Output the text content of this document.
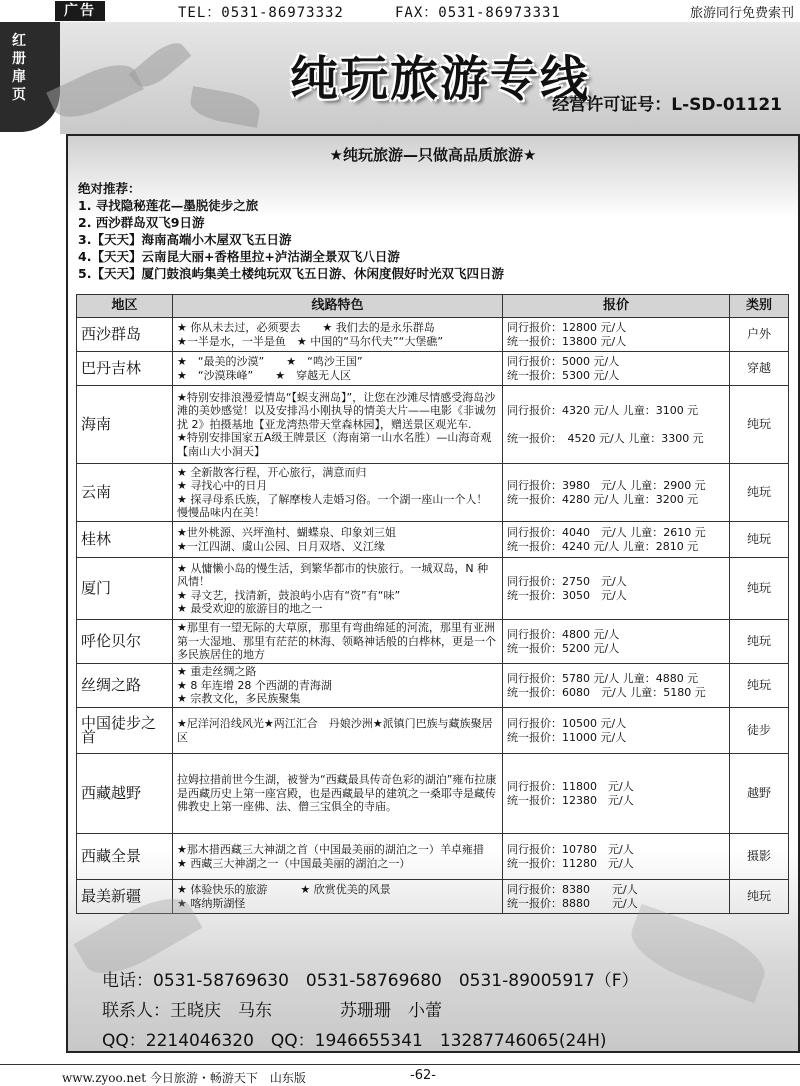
广告	TEL：0531-86973332	FAX：0531-86973331	旅游同行免费索刊
红册扉页	纯玩旅游专线
经营许可证号：L-SD-01121
★纯玩旅游—只做高品质旅游★
绝对推荐：
1. 寻找隐秘莲花—墨脱徒步之旅
2. 西沙群岛双飞9日游
3.【天天】海南高端小木屋双飞五日游
4.【天天】云南昆大丽+香格里拉+泸沽湖全景双飞八日游
5.【天天】厦门鼓浪屿集美土楼纯玩双飞五日游、休闲度假好时光双飞四日游
地区	线路特色	报价	类别
西沙群岛	★ 你从未去过，必须要去　　★ 我们去的是永乐群岛
★一半是水，一半是鱼　★ 中国的“马尔代夫”“大堡礁”	同行报价：12800 元/人
统一报价：13800 元/人	户外
巴丹吉林	★　“最美的沙漠”　　★　“鸣沙王国”
★　“沙漠珠峰”　　★　穿越无人区	同行报价：5000 元/人
统一报价：5300 元/人	穿越
海南	★特别安排浪漫爱情岛“【蜈支洲岛】”，让您在沙滩尽情感受海岛沙滩的美妙感觉！以及安排冯小刚执导的情美大片——电影《非诚勿扰 2》拍摄基地【亚龙湾热带天堂森林园】，赠送景区观光车.
★特别安排国家五A级王牌景区（海南第一山水名胜）—山海奇观【南山大小洞天】	同行报价：4320 元/人 儿童：3100 元

统一报价：　4520 元/人 儿童：3300 元	纯玩
云南	★ 全新散客行程，开心旅行，满意而归
★ 寻找心中的日月
★ 探寻母系氏族，了解摩梭人走婚习俗。一个湖一座山一个人！慢慢品味内在美！	同行报价：3980　元/人 儿童：2900 元
统一报价：4280 元/人 儿童：3200 元	纯玩
桂林	★世外桃源、兴坪渔村、蝴蝶泉、印象刘三姐
★一江四湖、虞山公园、日月双塔、义江缘	同行报价：4040　元/人 儿童：2610 元
统一报价：4240 元/人 儿童：2810 元	纯玩
厦门	★ 从慵懒小岛的慢生活，到繁华都市的快旅行。一城双岛，N 种风情！
★ 寻文艺，找清新，鼓浪屿小店有“资”有“味”
★ 最受欢迎的旅游目的地之一	同行报价：2750　元/人
统一报价：3050　元/人	纯玩
呼伦贝尔	★那里有一望无际的大草原，那里有弯曲绵延的河流，那里有亚洲第一大湿地、那里有茫茫的林海、领略神话般的白桦林，更是一个多民族居住的地方	同行报价：4800 元/人
统一报价：5200 元/人	纯玩
丝绸之路	★ 重走丝绸之路
★ 8 年连增 28 个西湖的青海湖
★ 宗教文化，多民族聚集	同行报价：5780 元/人 儿童：4880 元
统一报价：6080　元/人 儿童：5180 元	纯玩
中国徒步之首	★尼洋河沿线风光★两江汇合　丹娘沙洲★派镇门巴族与藏族聚居区	同行报价：10500 元/人
统一报价：11000 元/人	徒步
西藏越野	拉姆拉措前世今生湖，被誉为“西藏最具传奇色彩的湖泊”雍布拉康是西藏历史上第一座宫殿，也是西藏最早的建筑之一桑耶寺是藏传佛教史上第一座佛、法、僧三宝俱全的寺庙。	同行报价：11800　元/人
统一报价：12380　元/人	越野
西藏全景	★那木措西藏三大神湖之首（中国最美丽的湖泊之一）羊卓雍措
★ 西藏三大神湖之一（中国最美丽的湖泊之一）	同行报价：10780　元/人
统一报价：11280　元/人	摄影
最美新疆	★ 体验快乐的旅游　　　★ 欣赏优美的风景
★ 喀纳斯湖怪	同行报价：8380　　元/人
统一报价：8880　　元/人	纯玩
电话：0531-58769630　0531-58769680　0531-89005917（F）
联系人：王晓庆　马东　　　　苏珊珊　小蕾
QQ：2214046320　QQ：1946655341　13287746065(24H)
www.zyoo.net 今日旅游・畅游天下　山东版	-62-
